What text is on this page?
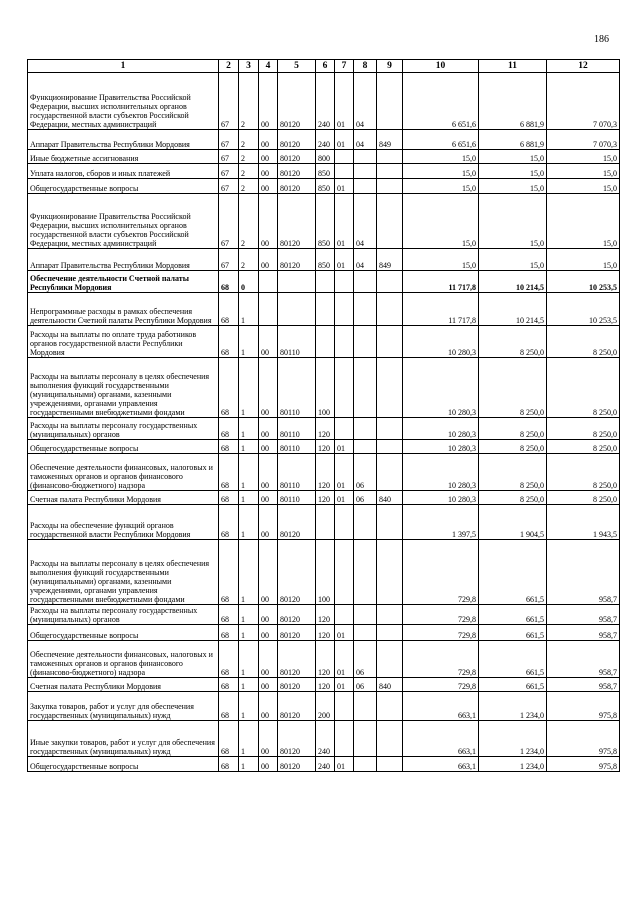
186
1	2	3	4	5	6	7	8	9	10	11	12
Функционирование Правительства Российской Федерации, высших исполнительных органов государственной власти субъектов Российской Федерации, местных администраций	67	2	00	80120	240	01	04		6 651,6	6 881,9	7 070,3
Аппарат Правительства Республики Мордовия	67	2	00	80120	240	01	04	849	6 651,6	6 881,9	7 070,3
Иные бюджетные ассигнования	67	2	00	80120	800				15,0	15,0	15,0
Уплата налогов, сборов и иных платежей	67	2	00	80120	850				15,0	15,0	15,0
Общегосударственные вопросы	67	2	00	80120	850	01			15,0	15,0	15,0
Функционирование Правительства Российской Федерации, высших исполнительных органов государственной власти субъектов Российской Федерации, местных администраций	67	2	00	80120	850	01	04		15,0	15,0	15,0
Аппарат Правительства Республики Мордовия	67	2	00	80120	850	01	04	849	15,0	15,0	15,0
Обеспечение деятельности Счетной палаты Республики Мордовия	68	0							11 717,8	10 214,5	10 253,5
Непрограммные расходы в рамках обеспечения деятельности Счетной палаты Республики Мордовия	68	1							11 717,8	10 214,5	10 253,5
Расходы на выплаты по оплате труда работников органов государственной власти Республики Мордовия	68	1	00	80110					10 280,3	8 250,0	8 250,0
Расходы на выплаты персоналу в целях обеспечения выполнения функций государственными (муниципальными) органами, казенными учреждениями, органами управления государственными внебюджетными фондами	68	1	00	80110	100				10 280,3	8 250,0	8 250,0
Расходы на выплаты персоналу государственных (муниципальных) органов	68	1	00	80110	120				10 280,3	8 250,0	8 250,0
Общегосударственные вопросы	68	1	00	80110	120	01			10 280,3	8 250,0	8 250,0
Обеспечение деятельности финансовых, налоговых и таможенных органов и органов финансового (финансово-бюджетного) надзора	68	1	00	80110	120	01	06		10 280,3	8 250,0	8 250,0
Счетная палата Республики Мордовия	68	1	00	80110	120	01	06	840	10 280,3	8 250,0	8 250,0
Расходы на обеспечение функций органов государственной власти Республики Мордовия	68	1	00	80120					1 397,5	1 904,5	1 943,5
Расходы на выплаты персоналу в целях обеспечения выполнения функций государственными (муниципальными) органами, казенными учреждениями, органами управления государственными внебюджетными фондами	68	1	00	80120	100				729,8	661,5	958,7
Расходы на выплаты персоналу государственных (муниципальных) органов	68	1	00	80120	120				729,8	661,5	958,7
Общегосударственные вопросы	68	1	00	80120	120	01			729,8	661,5	958,7
Обеспечение деятельности финансовых, налоговых и таможенных органов и органов финансового (финансово-бюджетного) надзора	68	1	00	80120	120	01	06		729,8	661,5	958,7
Счетная палата Республики Мордовия	68	1	00	80120	120	01	06	840	729,8	661,5	958,7
Закупка товаров, работ и услуг для обеспечения государственных (муниципальных) нужд	68	1	00	80120	200				663,1	1 234,0	975,8
Иные закупки товаров, работ и услуг для обеспечения государственных (муниципальных) нужд	68	1	00	80120	240				663,1	1 234,0	975,8
Общегосударственные вопросы	68	1	00	80120	240	01			663,1	1 234,0	975,8
